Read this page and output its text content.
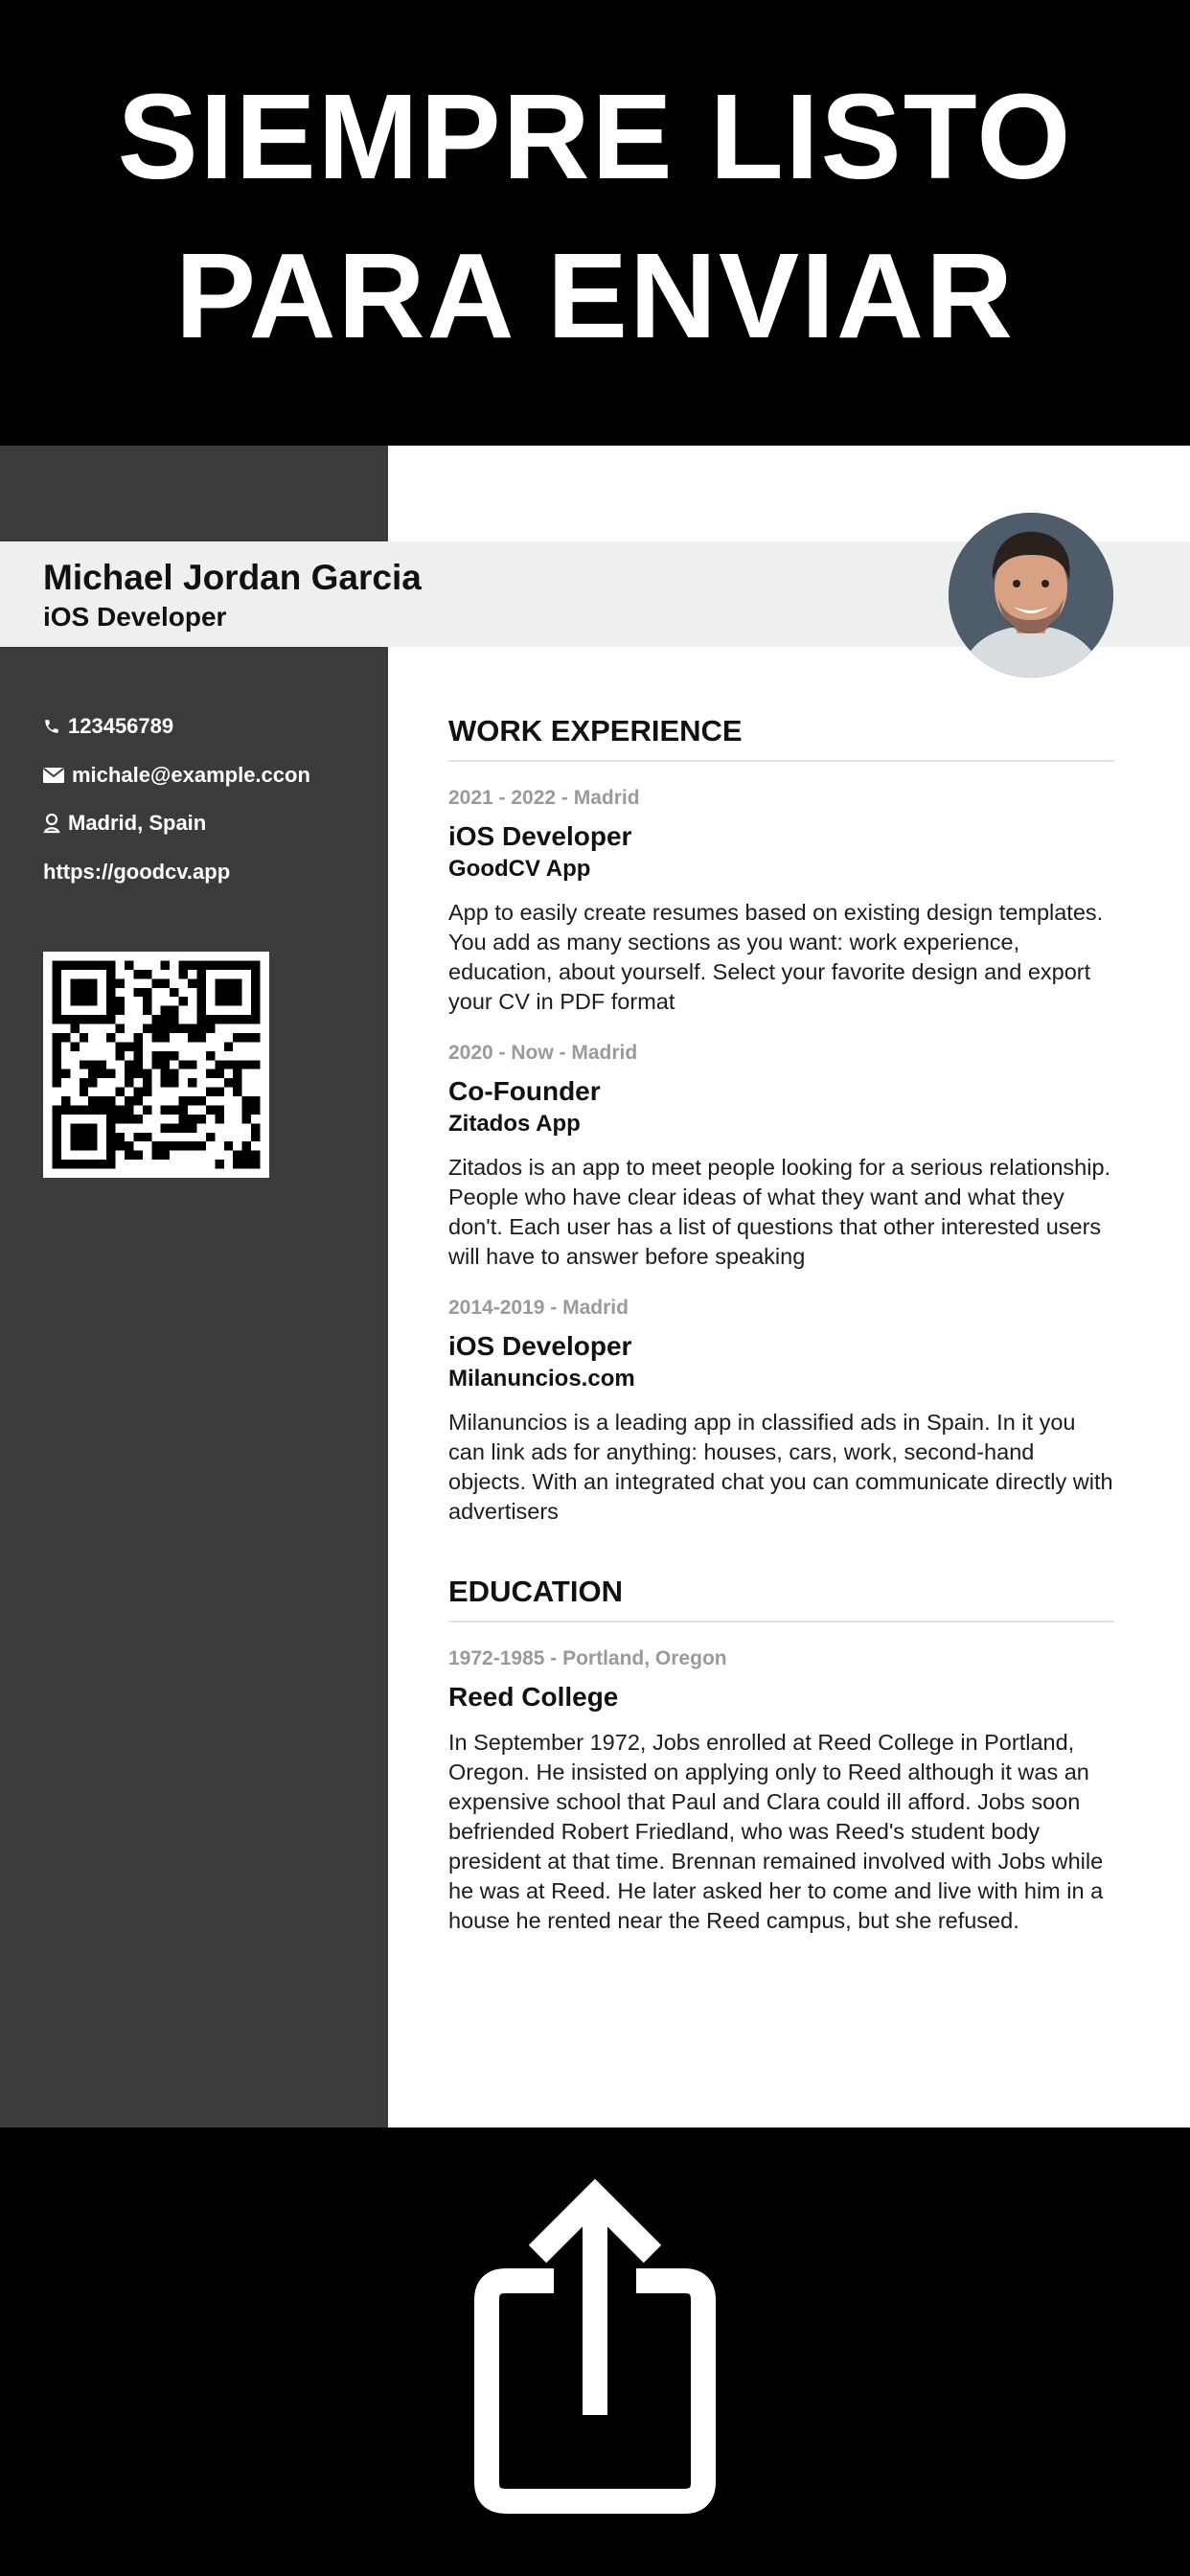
SIEMPRE LISTO
PARA ENVIAR
Michael Jordan Garcia
iOS Developer
123456789
michale@example.ccon
Madrid, Spain
https://goodcv.app
WORK EXPERIENCE
2021 - 2022 - Madrid
iOS Developer
GoodCV App
App to easily create resumes based on existing design templates. You add as many sections as you want: work experience, education, about yourself. Select your favorite design and export your CV in PDF format
2020 - Now - Madrid
Co-Founder
Zitados App
Zitados is an app to meet people looking for a serious relationship. People who have clear ideas of what they want and what they don't. Each user has a list of questions that other interested users will have to answer before speaking
2014-2019 - Madrid
iOS Developer
Milanuncios.com
Milanuncios is a leading app in classified ads in Spain. In it you can link ads for anything: houses, cars, work, second-hand objects. With an integrated chat you can communicate directly with advertisers
EDUCATION
1972-1985 - Portland, Oregon
Reed College
In September 1972, Jobs enrolled at Reed College in Portland, Oregon. He insisted on applying only to Reed although it was an expensive school that Paul and Clara could ill afford. Jobs soon befriended Robert Friedland, who was Reed's student body president at that time. Brennan remained involved with Jobs while he was at Reed. He later asked her to come and live with him in a house he rented near the Reed campus, but she refused.
